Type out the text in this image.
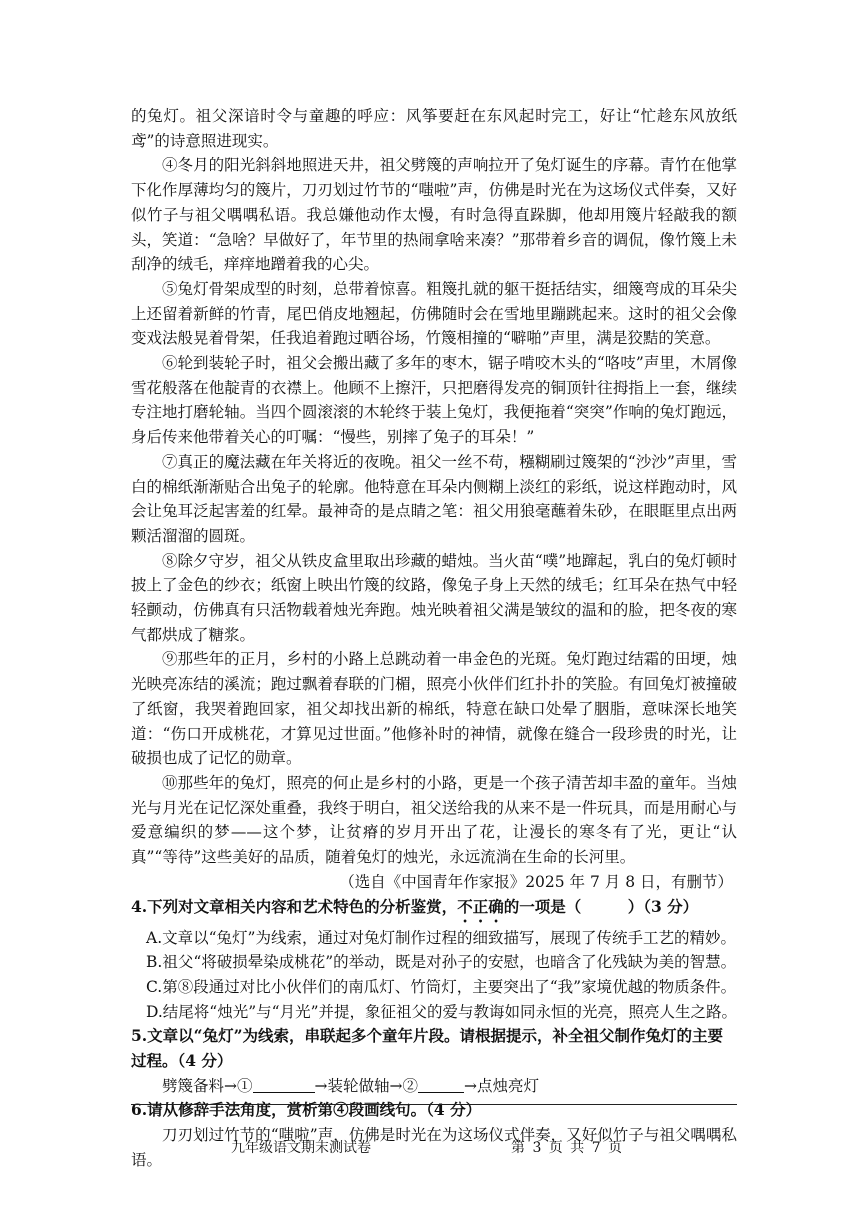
的兔灯。祖父深谙时令与童趣的呼应：风筝要赶在东风起时完工，好让“忙趁东风放纸鸢”的诗意照进现实。

④冬月的阳光斜斜地照进天井，祖父劈篾的声响拉开了兔灯诞生的序幕。青竹在他掌下化作厚薄均匀的篾片，刀刃划过竹节的“嗤啦”声，仿佛是时光在为这场仪式伴奏，又好似竹子与祖父喁喁私语。我总嫌他动作太慢，有时急得直跺脚，他却用篾片轻敲我的额头，笑道：“急啥？早做好了，年节里的热闹拿啥来凑？”那带着乡音的调侃，像竹篾上未刮净的绒毛，痒痒地蹭着我的心尖。

⑤兔灯骨架成型的时刻，总带着惊喜。粗篾扎就的躯干挺括结实，细篾弯成的耳朵尖上还留着新鲜的竹青，尾巴俏皮地翘起，仿佛随时会在雪地里蹦跳起来。这时的祖父会像变戏法般晃着骨架，任我追着跑过晒谷场，竹篾相撞的“噼啪”声里，满是狡黠的笑意。

⑥轮到装轮子时，祖父会搬出藏了多年的枣木，锯子啃咬木头的“咯吱”声里，木屑像雪花般落在他靛青的衣襟上。他顾不上擦汗，只把磨得发亮的铜顶针往拇指上一套，继续专注地打磨轮轴。当四个圆滚滚的木轮终于装上兔灯，我便拖着“突突”作响的兔灯跑远，身后传来他带着关心的叮嘱：“慢些，别摔了兔子的耳朵！”

⑦真正的魔法藏在年关将近的夜晚。祖父一丝不苟，糨糊刷过篾架的“沙沙”声里，雪白的棉纸渐渐贴合出兔子的轮廓。他特意在耳朵内侧糊上淡红的彩纸，说这样跑动时，风会让兔耳泛起害羞的红晕。最神奇的是点睛之笔：祖父用狼毫蘸着朱砂，在眼眶里点出两颗活溜溜的圆斑。

⑧除夕守岁，祖父从铁皮盒里取出珍藏的蜡烛。当火苗“噗”地蹿起，乳白的兔灯顿时披上了金色的纱衣；纸窗上映出竹篾的纹路，像兔子身上天然的绒毛；红耳朵在热气中轻轻颤动，仿佛真有只活物载着烛光奔跑。烛光映着祖父满是皱纹的温和的脸，把冬夜的寒气都烘成了糖浆。

⑨那些年的正月，乡村的小路上总跳动着一串金色的光斑。兔灯跑过结霜的田埂，烛光映亮冻结的溪流；跑过飘着春联的门楣，照亮小伙伴们红扑扑的笑脸。有回兔灯被撞破了纸窗，我哭着跑回家，祖父却找出新的棉纸，特意在缺口处晕了胭脂，意味深长地笑道：“伤口开成桃花，才算见过世面。”他修补时的神情，就像在缝合一段珍贵的时光，让破损也成了记忆的勋章。

⑩那些年的兔灯，照亮的何止是乡村的小路，更是一个孩子清苦却丰盈的童年。当烛光与月光在记忆深处重叠，我终于明白，祖父送给我的从来不是一件玩具，而是用耐心与爱意编织的梦——这个梦，让贫瘠的岁月开出了花，让漫长的寒冬有了光，更让“认真”“等待”这些美好的品质，随着兔灯的烛光，永远流淌在生命的长河里。

（选自《中国青年作家报》2025 年 7 月 8 日，有删节）

4.下列对文章相关内容和艺术特色的分析鉴赏，不正确的一项是（　　　）（3 分）

A.文章以“兔灯”为线索，通过对兔灯制作过程的细致描写，展现了传统手工艺的精妙。

B.祖父“将破损晕染成桃花”的举动，既是对孙子的安慰，也暗含了化残缺为美的智慧。

C.第⑧段通过对比小伙伴们的南瓜灯、竹筒灯，主要突出了“我”家境优越的物质条件。

D.结尾将“烛光”与“月光”并提，象征祖父的爱与教诲如同永恒的光亮，照亮人生之路。

5.文章以“兔灯”为线索，串联起多个童年片段。请根据提示，补全祖父制作兔灯的主要过程。（4 分）

劈篾备料→①	→装轮做轴→②	→点烛亮灯

6.请从修辞手法角度，赏析第④段画线句。（4 分）

刀刃划过竹节的“嗤啦”声，仿佛是时光在为这场仪式伴奏，又好似竹子与祖父喁喁私语。

九年级语文期末测试卷	第 3 页 共 7 页
